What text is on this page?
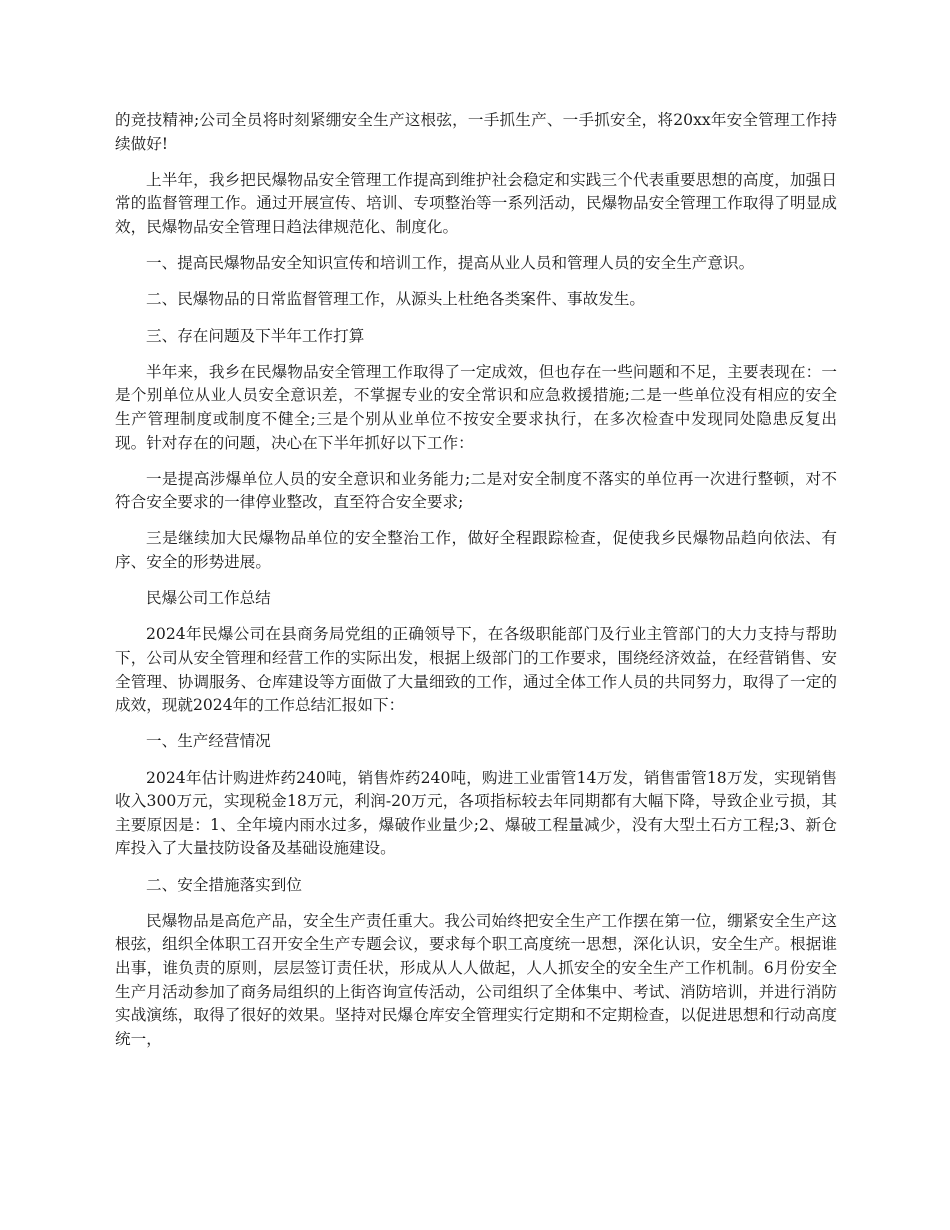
的竞技精神;公司全员将时刻紧绷安全生产这根弦，一手抓生产、一手抓安全，将20xx年安全管理工作持续做好!

上半年，我乡把民爆物品安全管理工作提高到维护社会稳定和实践三个代表重要思想的高度，加强日常的监督管理工作。通过开展宣传、培训、专项整治等一系列活动，民爆物品安全管理工作取得了明显成效，民爆物品安全管理日趋法律规范化、制度化。

一、提高民爆物品安全知识宣传和培训工作，提高从业人员和管理人员的安全生产意识。

二、民爆物品的日常监督管理工作，从源头上杜绝各类案件、事故发生。

三、存在问题及下半年工作打算

半年来，我乡在民爆物品安全管理工作取得了一定成效，但也存在一些问题和不足，主要表现在：一是个别单位从业人员安全意识差，不掌握专业的安全常识和应急救援措施;二是一些单位没有相应的安全生产管理制度或制度不健全;三是个别从业单位不按安全要求执行，在多次检查中发现同处隐患反复出现。针对存在的问题，决心在下半年抓好以下工作：

一是提高涉爆单位人员的安全意识和业务能力;二是对安全制度不落实的单位再一次进行整顿，对不符合安全要求的一律停业整改，直至符合安全要求;

三是继续加大民爆物品单位的安全整治工作，做好全程跟踪检查，促使我乡民爆物品趋向依法、有序、安全的形势进展。

民爆公司工作总结

2024年民爆公司在县商务局党组的正确领导下，在各级职能部门及行业主管部门的大力支持与帮助下，公司从安全管理和经营工作的实际出发，根据上级部门的工作要求，围绕经济效益，在经营销售、安全管理、协调服务、仓库建设等方面做了大量细致的工作，通过全体工作人员的共同努力，取得了一定的成效，现就2024年的工作总结汇报如下：

一、生产经营情况

2024年估计购进炸药240吨，销售炸药240吨，购进工业雷管14万发，销售雷管18万发，实现销售收入300万元，实现税金18万元，利润-20万元，各项指标较去年同期都有大幅下降，导致企业亏损，其主要原因是：1、全年境内雨水过多，爆破作业量少;2、爆破工程量减少，没有大型土石方工程;3、新仓库投入了大量技防设备及基础设施建设。

二、安全措施落实到位

民爆物品是高危产品，安全生产责任重大。我公司始终把安全生产工作摆在第一位，绷紧安全生产这根弦，组织全体职工召开安全生产专题会议，要求每个职工高度统一思想，深化认识，安全生产。根据谁出事，谁负责的原则，层层签订责任状，形成从人人做起，人人抓安全的安全生产工作机制。6月份安全生产月活动参加了商务局组织的上街咨询宣传活动，公司组织了全体集中、考试、消防培训，并进行消防实战演练，取得了很好的效果。坚持对民爆仓库安全管理实行定期和不定期检查，以促进思想和行动高度统一，
